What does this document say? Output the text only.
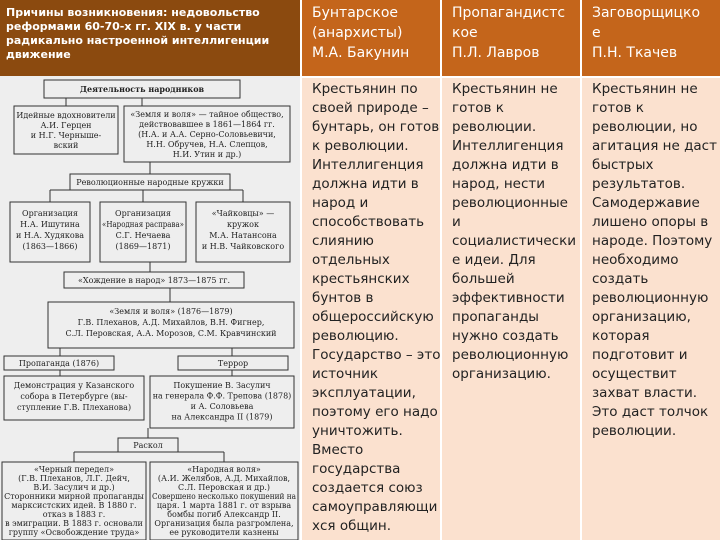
Причины возникновения: недовольство реформами 60-70-х гг. XIX в. у части радикально настроенной интеллигенции движение
Деятельность народников
Идейные вдохновители
А.И. Герцен
и Н.Г. Черныше-
вский
«Земля и воля» — тайное общество,
действовавшее в 1861—1864 гг.
(Н.А. и А.А. Серно-Соловьевичи,
Н.Н. Обручев, Н.А. Слепцов,
Н.И. Утин и др.)
Революционные народные кружки
Организация
Н.А. Ишутина
и Н.А. Худякова
(1863—1866)
Организация
«Народная расправа»
С.Г. Нечаева
(1869—1871)
«Чайковцы» —
кружок
М.А. Натансона
и Н.В. Чайковского
«Хождение в народ» 1873—1875 гг.
«Земля и воля» (1876—1879)
Г.В. Плеханов, А.Д. Михайлов, В.Н. Фигнер,
С.Л. Перовская, А.А. Морозов, С.М. Кравчинский
Пропаганда (1876)	Террор
Демонстрация у Казанского
собора в Петербурге (вы-
ступление Г.В. Плеханова)
Покушение В. Засулич
на генерала Ф.Ф. Трепова (1878)
и А. Соловьева
на Александра II (1879)
Раскол
«Черный передел»
(Г.В. Плеханов, Л.Г. Дейч,
В.И. Засулич и др.)
Сторонники мирной пропаганды
марксистских идей. В 1880 г.
отказ в 1883 г.
в эмиграции. В 1883 г. основали
группу «Освобождение труда»
«Народная воля»
(А.И. Желябов, А.Д. Михайлов,
С.Л. Перовская и др.)
Совершено несколько покушений на
царя. 1 марта 1881 г. от взрыва
бомбы погиб Александр II.
Организация была разгромлена,
ее руководители казнены
Бунтарское
(анархисты)
М.А. Бакунин
Крестьянин по
своей природе –
бунтарь, он готов
к революции.
Интеллигенция
должна идти в
народ и
способствовать
слиянию
отдельных
крестьянских
бунтов в
общероссийскую
революцию.
Государство – это
источник
эксплуатации,
поэтому его надо
уничтожить.
Вместо
государства
создается союз
самоуправляющи
хся общин.
Пропагандистс
кое
П.Л. Лавров
Крестьянин не
готов к
революции.
Интеллигенция
должна идти в
народ, нести
революционные
и
социалистически
е идеи. Для
большей
эффективности
пропаганды
нужно создать
революционную
организацию.
Заговорщицко
е
П.Н. Ткачев
Крестьянин не
готов к
революции, но
агитация не даст
быстрых
результатов.
Самодержавие
лишено опоры в
народе. Поэтому
необходимо
создать
революционную
организацию,
которая
подготовит и
осуществит
захват власти.
Это даст толчок
революции.
